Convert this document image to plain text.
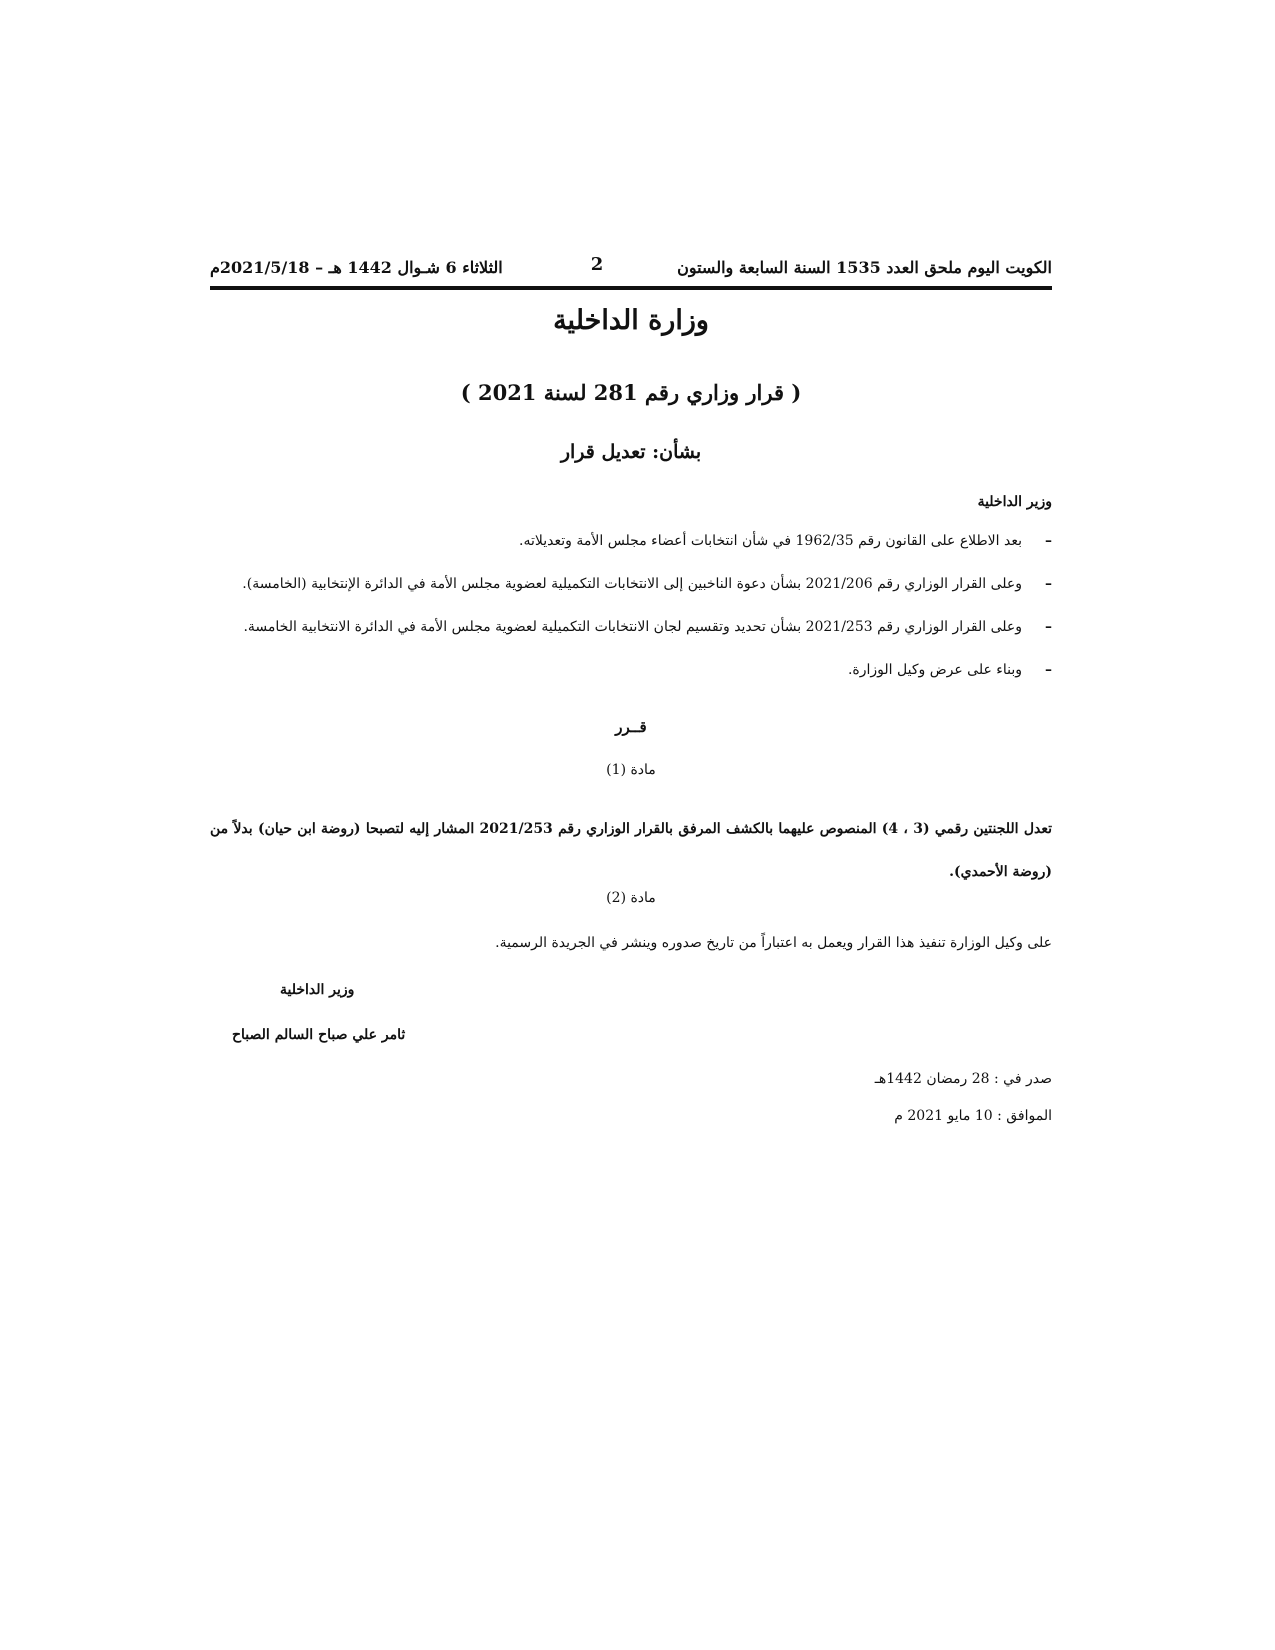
الكويت اليوم ملحق العدد 1535 السنة السابعة والستون
2
الثلاثاء 6 شـوال 1442 هـ – 2021/5/18م
وزارة الداخلية
( قرار وزاري رقم 281 لسنة 2021 )
بشأن: تعديل قرار
وزير الداخلية
–
بعد الاطلاع على القانون رقم 1962/35 في شأن انتخابات أعضاء مجلس الأمة وتعديلاته.
–
وعلى القرار الوزاري رقم 2021/206 بشأن دعوة الناخبين إلى الانتخابات التكميلية لعضوية مجلس الأمة في الدائرة الإنتخابية (الخامسة).
–
وعلى القرار الوزاري رقم 2021/253 بشأن تحديد وتقسيم لجان الانتخابات التكميلية لعضوية مجلس الأمة في الدائرة الانتخابية الخامسة.
–
وبناء على عرض وكيل الوزارة.
قــرر
مادة (1)
تعدل اللجنتين رقمي (3 ، 4) المنصوص عليهما بالكشف المرفق بالقرار الوزاري رقم 2021/253 المشار إليه لتصبحا (روضة ابن حيان) بدلاً من (روضة الأحمدي).
مادة (2)
على وكيل الوزارة تنفيذ هذا القرار ويعمل به اعتباراً من تاريخ صدوره وينشر في الجريدة الرسمية.
وزير الداخلية
ثامر علي صباح السالم الصباح
صدر في : 28 رمضان 1442هـ
الموافق : 10 مايو 2021 م
